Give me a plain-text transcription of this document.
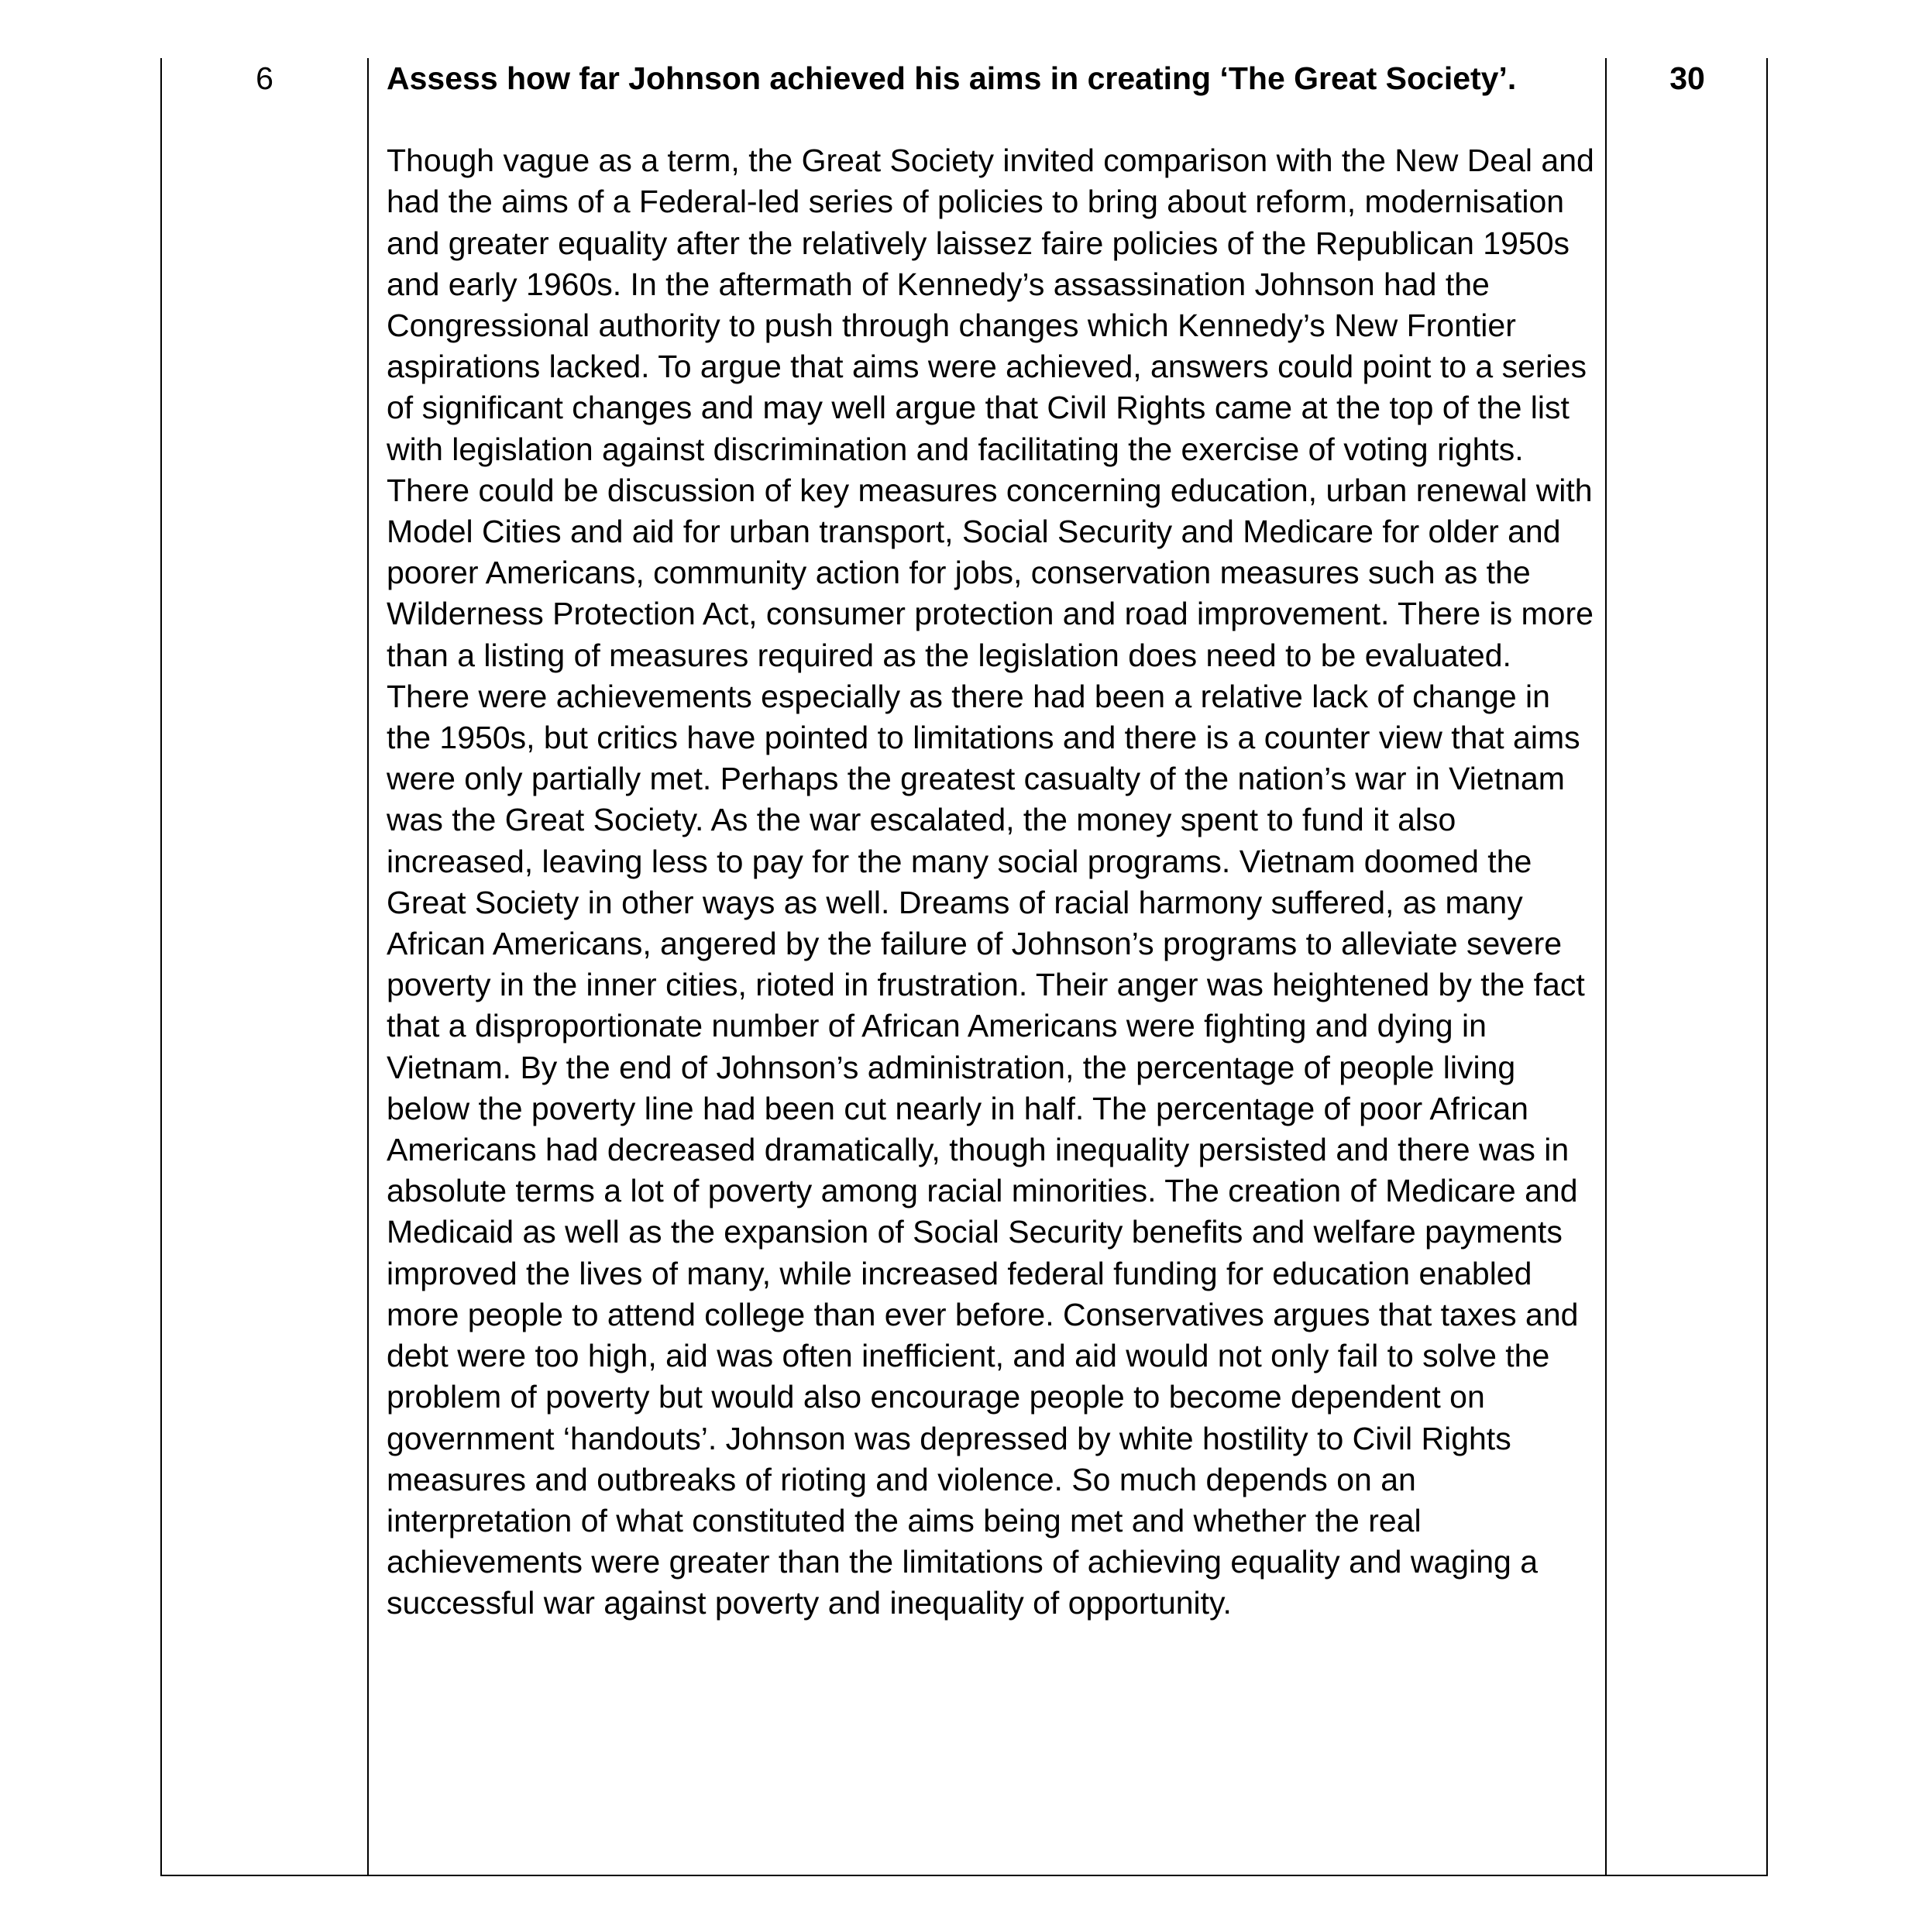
6	Assess how far Johnson achieved his aims in creating ‘The Great Society’.

Though vague as a term, the Great Society invited comparison with the New Deal and had the aims of a Federal-led series of policies to bring about reform, modernisation and greater equality after the relatively laissez faire policies of the Republican 1950s and early 1960s. In the aftermath of Kennedy’s assassination Johnson had the Congressional authority to push through changes which Kennedy’s New Frontier aspirations lacked. To argue that aims were achieved, answers could point to a series of significant changes and may well argue that Civil Rights came at the top of the list with legislation against discrimination and facilitating the exercise of voting rights. There could be discussion of key measures concerning education, urban renewal with Model Cities and aid for urban transport, Social Security and Medicare for older and poorer Americans, community action for jobs, conservation measures such as the Wilderness Protection Act, consumer protection and road improvement. There is more than a listing of measures required as the legislation does need to be evaluated. There were achievements especially as there had been a relative lack of change in the 1950s, but critics have pointed to limitations and there is a counter view that aims were only partially met. Perhaps the greatest casualty of the nation’s war in Vietnam was the Great Society. As the war escalated, the money spent to fund it also increased, leaving less to pay for the many social programs. Vietnam doomed the Great Society in other ways as well. Dreams of racial harmony suffered, as many African Americans, angered by the failure of Johnson’s programs to alleviate severe poverty in the inner cities, rioted in frustration. Their anger was heightened by the fact that a disproportionate number of African Americans were fighting and dying in Vietnam. By the end of Johnson’s administration, the percentage of people living below the poverty line had been cut nearly in half. The percentage of poor African Americans had decreased dramatically, though inequality persisted and there was in absolute terms a lot of poverty among racial minorities. The creation of Medicare and Medicaid as well as the expansion of Social Security benefits and welfare payments improved the lives of many, while increased federal funding for education enabled more people to attend college than ever before. Conservatives argues that taxes and debt were too high, aid was often inefficient, and aid would not only fail to solve the problem of poverty but would also encourage people to become dependent on government ‘handouts’. Johnson was depressed by white hostility to Civil Rights measures and outbreaks of rioting and violence. So much depends on an interpretation of what constituted the aims being met and whether the real achievements were greater than the limitations of achieving equality and waging a successful war against poverty and inequality of opportunity.

30
